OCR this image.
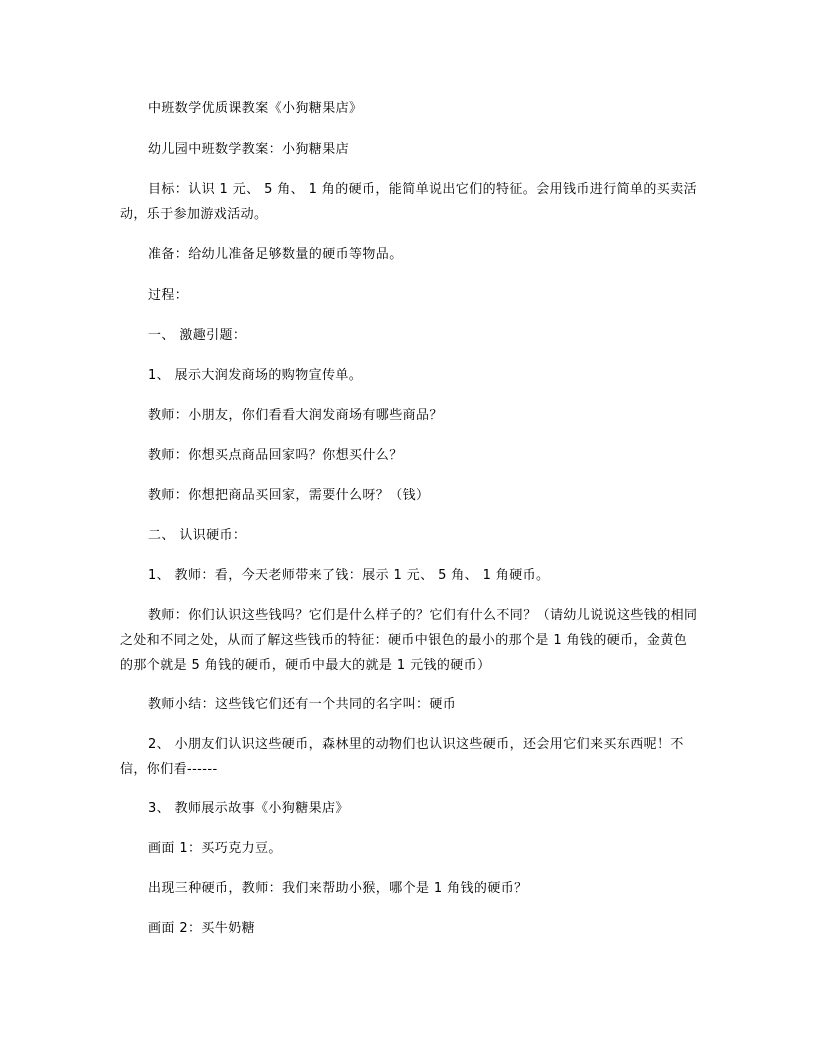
中班数学优质课教案《小狗糖果店》

幼儿园中班数学教案：小狗糖果店

目标：认识 1 元、 5 角、 1 角的硬币，能简单说出它们的特征。会用钱币进行简单的买卖活动，乐于参加游戏活动。

准备：给幼儿准备足够数量的硬币等物品。

过程：

一、 激趣引题：

1、 展示大润发商场的购物宣传单。

教师：小朋友，你们看看大润发商场有哪些商品？

教师：你想买点商品回家吗？你想买什么？

教师：你想把商品买回家，需要什么呀？（钱）

二、 认识硬币：

1、 教师：看，今天老师带来了钱：展示 1 元、 5 角、 1 角硬币。

教师：你们认识这些钱吗？它们是什么样子的？它们有什么不同？（请幼儿说说这些钱的相同之处和不同之处，从而了解这些钱币的特征：硬币中银色的最小的那个是 1 角钱的硬币，金黄色的那个就是 5 角钱的硬币，硬币中最大的就是 1 元钱的硬币）

教师小结：这些钱它们还有一个共同的名字叫：硬币

2、 小朋友们认识这些硬币，森林里的动物们也认识这些硬币，还会用它们来买东西呢！不信，你们看------

3、 教师展示故事《小狗糖果店》

画面 1：买巧克力豆。

出现三种硬币，教师：我们来帮助小猴，哪个是 1 角钱的硬币？

画面 2：买牛奶糖
